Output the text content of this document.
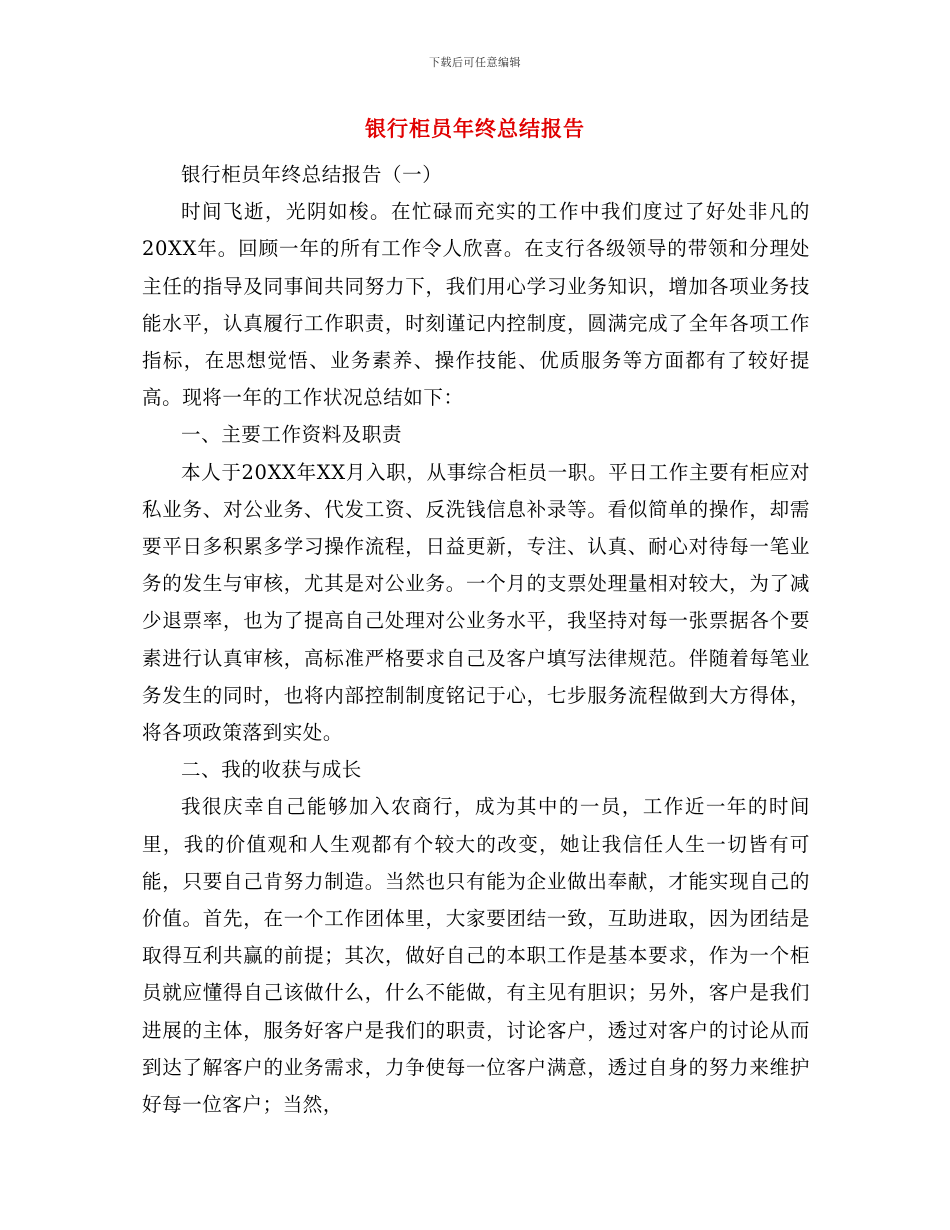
下载后可任意编辑
银行柜员年终总结报告

银行柜员年终总结报告（一）

时间飞逝，光阴如梭。在忙碌而充实的工作中我们度过了好处非凡的20XX年。回顾一年的所有工作令人欣喜。在支行各级领导的带领和分理处主任的指导及同事间共同努力下，我们用心学习业务知识，增加各项业务技能水平，认真履行工作职责，时刻谨记内控制度，圆满完成了全年各项工作指标，在思想觉悟、业务素养、操作技能、优质服务等方面都有了较好提高。现将一年的工作状况总结如下：

一、主要工作资料及职责

本人于20XX年XX月入职，从事综合柜员一职。平日工作主要有柜应对私业务、对公业务、代发工资、反洗钱信息补录等。看似简单的操作，却需要平日多积累多学习操作流程，日益更新，专注、认真、耐心对待每一笔业务的发生与审核，尤其是对公业务。一个月的支票处理量相对较大，为了减少退票率，也为了提高自己处理对公业务水平，我坚持对每一张票据各个要素进行认真审核，高标准严格要求自己及客户填写法律规范。伴随着每笔业务发生的同时，也将内部控制制度铭记于心，七步服务流程做到大方得体，将各项政策落到实处。

二、我的收获与成长

我很庆幸自己能够加入农商行，成为其中的一员，工作近一年的时间里，我的价值观和人生观都有个较大的改变，她让我信任人生一切皆有可能，只要自己肯努力制造。当然也只有能为企业做出奉献，才能实现自己的价值。首先，在一个工作团体里，大家要团结一致，互助进取，因为团结是取得互利共赢的前提；其次，做好自己的本职工作是基本要求，作为一个柜员就应懂得自己该做什么，什么不能做，有主见有胆识；另外，客户是我们进展的主体，服务好客户是我们的职责，讨论客户，透过对客户的讨论从而到达了解客户的业务需求，力争使每一位客户满意，透过自身的努力来维护好每一位客户；当然，
